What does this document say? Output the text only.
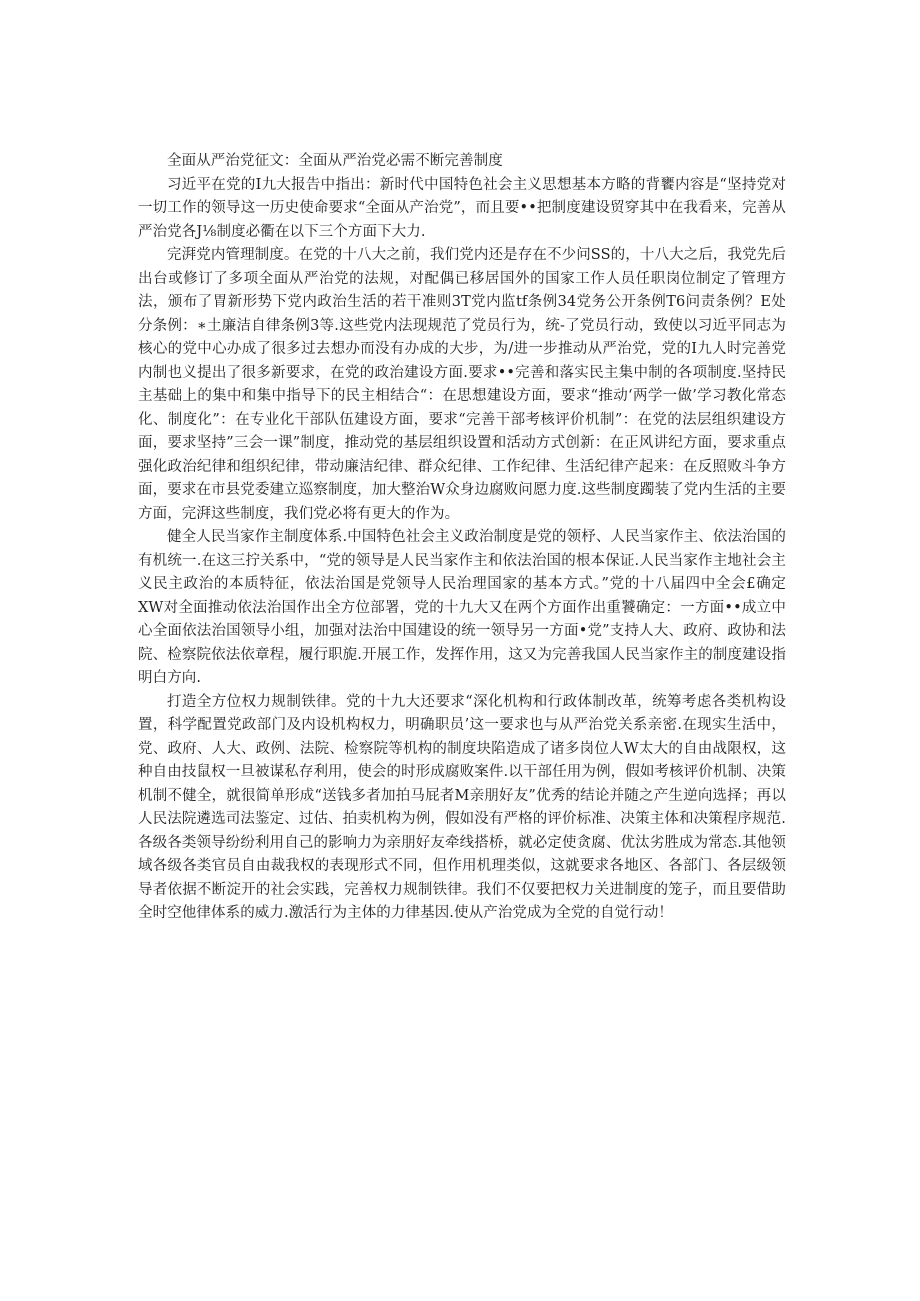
全面从严治党征文：全面从严治党必需不断完善制度

习近平在党的I九大报告中指出：新时代中国特色社会主义思想基本方略的背饔内容是“坚持党对一切工作的领导这一历史使命要求“全面从产治党”，而且要••把制度建设贸穿其中在我看来，完善从严治党各J⅛制度必衢在以下三个方面下大力.

完湃党内管理制度。在党的十八大之前，我们党内还是存在不少问SS的，十八大之后，我党先后出台或修订了多项全面从严治党的法规，对配偶已移居国外的国家工作人员任职岗位制定了管理方法，颁布了胃新形势下党内政治生活的若干准则3T党内监tf条例34党务公开条例T6问责条例？E处分条例：∗土廉洁自律条例3等.这些党内法现规范了党员行为，统-了党员行动，致使以习近平同志为核心的党中心办成了很多过去想办而没有办成的大步，为/进一步推动从严治党，党的I九人时完善党内制也义提出了很多新要求，在党的政治建设方面.要求••完善和落实民主集中制的各项制度.坚持民主基础上的集中和集中指导下的民主相结合“：在思想建设方面，要求“推动‘两学一做’学习教化常态化、制度化”：在专业化干部队伍建设方面，要求“完善干部考核评价机制”：在党的法层组织建设方面，要求坚持”三会一课”制度，推动党的基层组织设置和活动方式创新：在正风讲纪方面，要求重点强化政治纪律和组织纪律，带动廉洁纪律、群众纪律、工作纪律、生活纪律产起来：在反照败斗争方面，要求在市县党委建立巡察制度，加大整治W众身边腐败问愿力度.这些制度躅装了党内生活的主要方面，完湃这些制度，我们党必将有更大的作为。

健全人民当家作主制度体系.中国特色社会主义政治制度是党的领杼、人民当家作主、依法治国的有机统一.在这三拧关系中，“党的领导是人民当家作主和依法治国的根本保证.人民当家作主地社会主义民主政治的本质特征，依法治国是党领导人民治理国家的基本方式。”党的十八届四中全会£确定XW对全面推动依法治国作出全方位部署，党的十九大又在两个方面作出重饕确定：一方面••成立中心全面依法治国领导小组，加强对法治中国建设的统一领导另一方面•党”支持人大、政府、政协和法院、检察院依法依章程，履行职旎.开展工作，发挥作用，这又为完善我国人民当家作主的制度建设指明白方向.

打造全方位权力规制铁律。党的十九大还要求“深化机构和行政体制改革，统筹考虑各类机构设置，科学配置党政部门及内设机构权力，明确职员’这一要求也与从严治党关系亲密.在现实生活中，党、政府、人大、政例、法院、检察院等机构的制度块陷造成了诸多岗位人W太大的自由战限权，这种自由技鼠权一旦被谋私存利用，使会的时形成腐败案件.以干部任用为例，假如考核评价机制、决策机制不健全，就很简单形成“送钱多者加拍马屁者M亲朋好友”优秀的结论并随之产生逆向选择；再以人民法院遴选司法鉴定、过估、拍卖机构为例，假如没有严格的评价标准、决策主体和决策程序规范.各级各类领导纷纷利用自己的影响力为亲朋好友牵线搭桥，就必定使贪腐、优汰劣胜成为常态.其他领域各级各类官员自由裁我权的表现形式不同，但作用机理类似，这就要求各地区、各部门、各层级领导者依据不断淀开的社会实践，完善权力规制铁律。我们不仅要把权力关进制度的笼子，而且要借助全时空他律体系的威力.激活行为主体的力律基因.使从产治党成为全党的自觉行动！
